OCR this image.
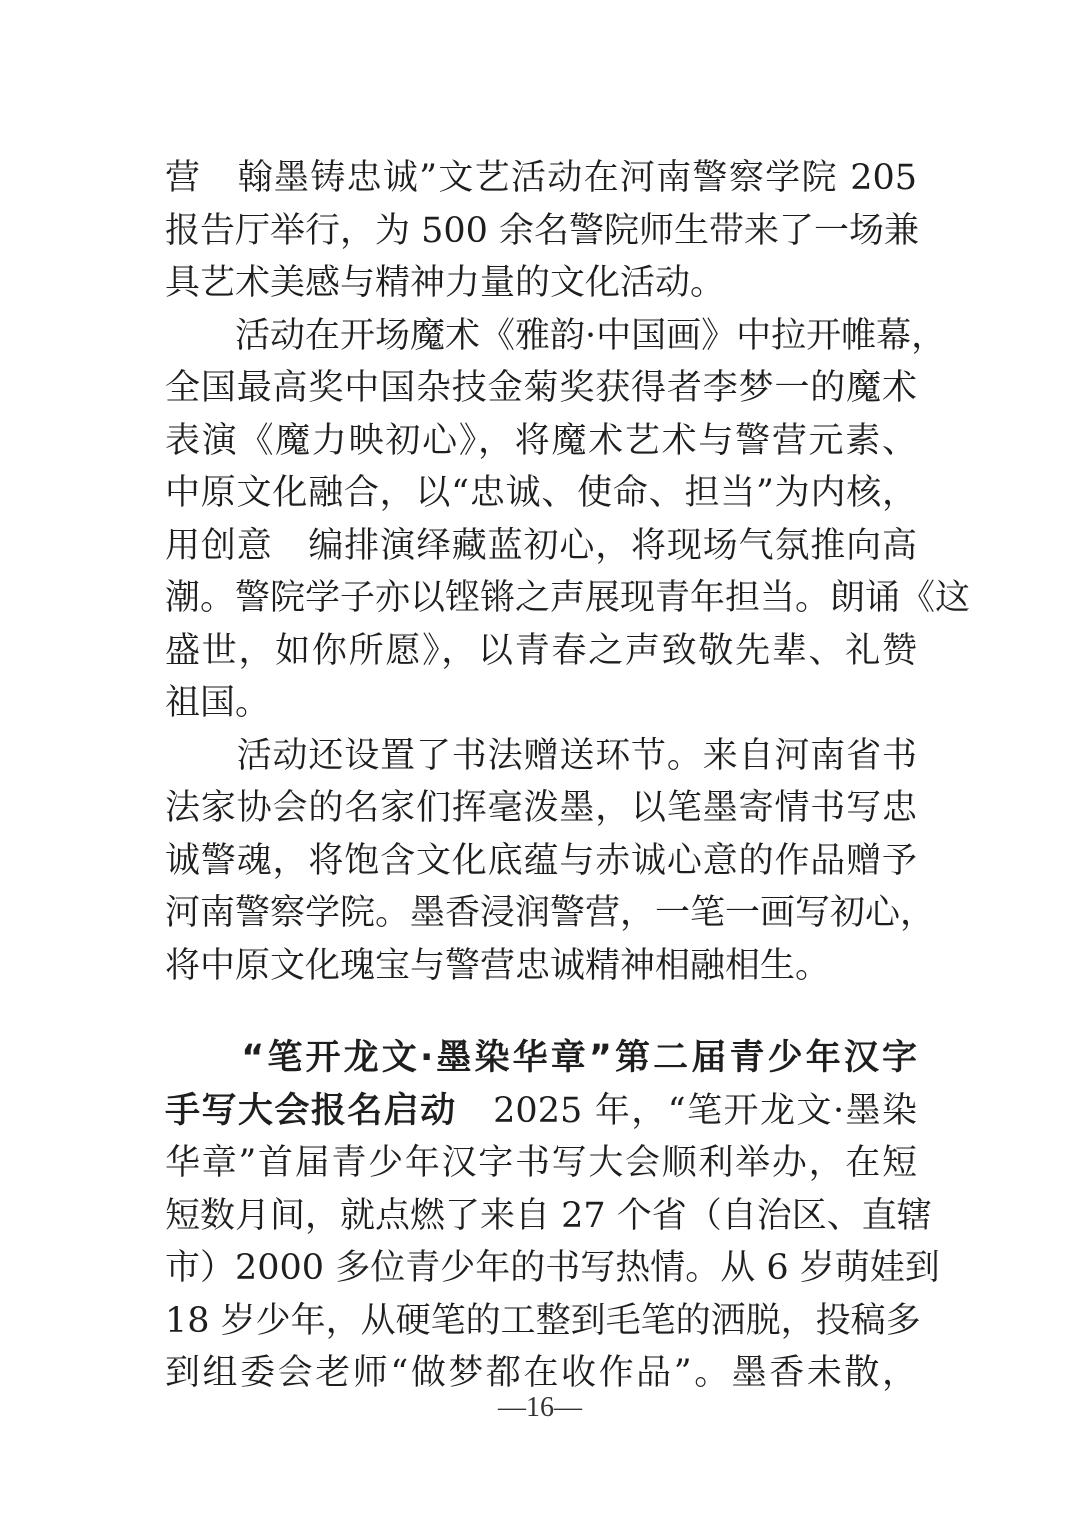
营　翰墨铸忠诚”文艺活动在河南警察学院 205
报告厅举行，为 500 余名警院师生带来了一场兼
具艺术美感与精神力量的文化活动。
　　活动在开场魔术《雅韵·中国画》中拉开帷幕，
全国最高奖中国杂技金菊奖获得者李梦一的魔术
表演《魔力映初心》，将魔术艺术与警营元素、
中原文化融合，以“忠诚、使命、担当”为内核，
用创意　编排演绎藏蓝初心，将现场气氛推向高
潮。警院学子亦以铿锵之声展现青年担当。朗诵《这
盛世，如你所愿》，以青春之声致敬先辈、礼赞
祖国。
　　活动还设置了书法赠送环节。来自河南省书
法家协会的名家们挥毫泼墨，以笔墨寄情书写忠
诚警魂，将饱含文化底蕴与赤诚心意的作品赠予
河南警察学院。墨香浸润警营，一笔一画写初心，
将中原文化瑰宝与警营忠诚精神相融相生。
　　“笔开龙文·墨染华章”第二届青少年汉字
手写大会报名启动　2025 年，“笔开龙文·墨染
华章”首届青少年汉字书写大会顺利举办，在短
短数月间，就点燃了来自 27 个省（自治区、直辖
市）2000 多位青少年的书写热情。从 6 岁萌娃到
18 岁少年，从硬笔的工整到毛笔的洒脱，投稿多
到组委会老师“做梦都在收作品”。墨香未散，
—16—
